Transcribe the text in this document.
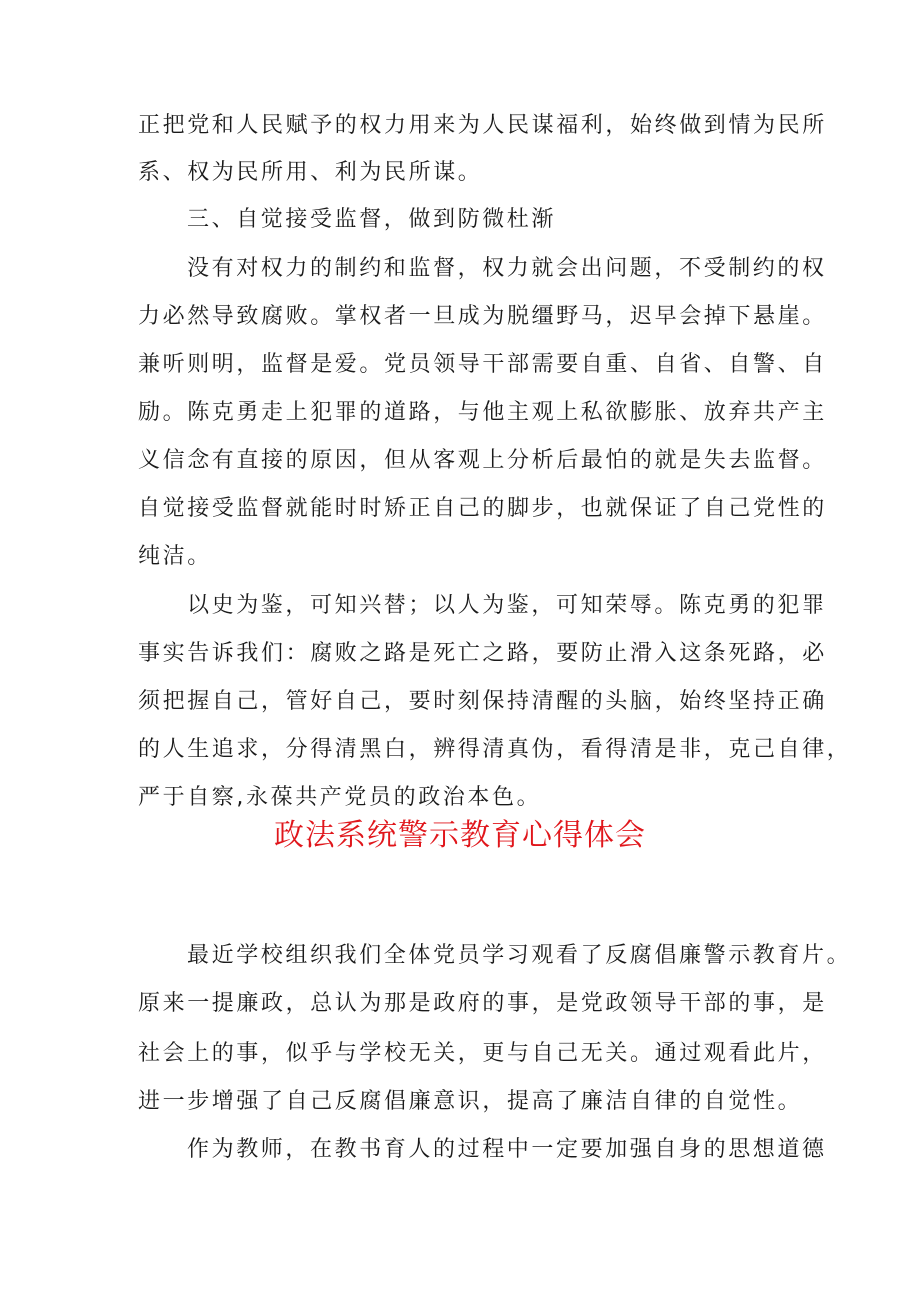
正把党和人民赋予的权力用来为人民谋福利，始终做到情为民所
系、权为民所用、利为民所谋。
三、自觉接受监督，做到防微杜渐
没有对权力的制约和监督，权力就会出问题，不受制约的权
力必然导致腐败。掌权者一旦成为脱缰野马，迟早会掉下悬崖。
兼听则明，监督是爱。党员领导干部需要自重、自省、自警、自
励。陈克勇走上犯罪的道路，与他主观上私欲膨胀、放弃共产主
义信念有直接的原因，但从客观上分析后最怕的就是失去监督。
自觉接受监督就能时时矫正自己的脚步，也就保证了自己党性的
纯洁。
以史为鉴，可知兴替；以人为鉴，可知荣辱。陈克勇的犯罪
事实告诉我们：腐败之路是死亡之路，要防止滑入这条死路，必
须把握自己，管好自己，要时刻保持清醒的头脑，始终坚持正确
的人生追求，分得清黑白，辨得清真伪，看得清是非，克己自律，
严于自察,永葆共产党员的政治本色。
政法系统警示教育心得体会
最近学校组织我们全体党员学习观看了反腐倡廉警示教育片。
原来一提廉政，总认为那是政府的事，是党政领导干部的事，是
社会上的事，似乎与学校无关，更与自己无关。通过观看此片，
进一步增强了自己反腐倡廉意识，提高了廉洁自律的自觉性。
作为教师，在教书育人的过程中一定要加强自身的思想道德
